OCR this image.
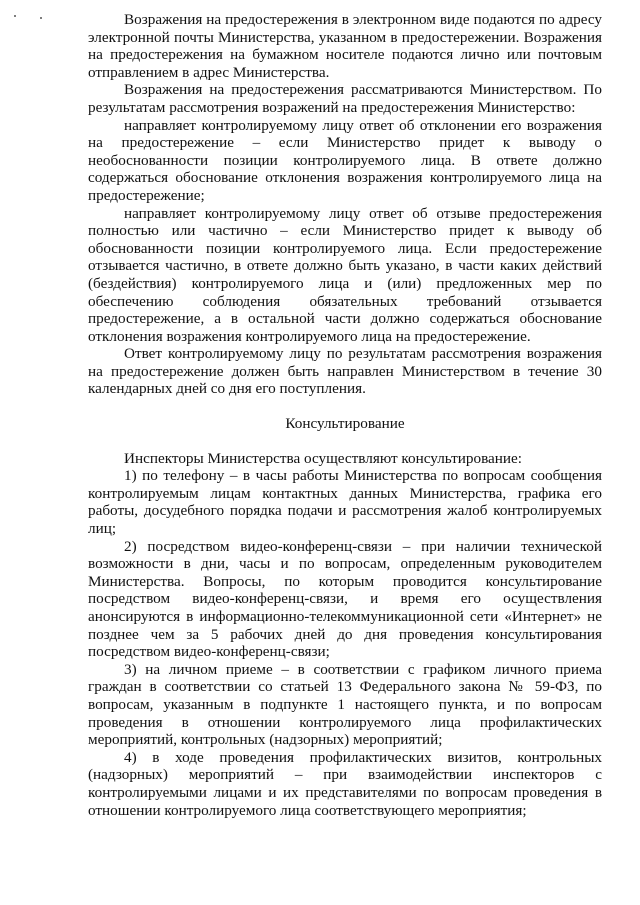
Возражения на предостережения в электронном виде подаются по адресу электронной почты Министерства, указанном в предостережении. Возражения на предостережения на бумажном носителе подаются лично или почтовым отправлением в адрес Министерства.

Возражения на предостережения рассматриваются Министерством. По результатам рассмотрения возражений на предостережения Министерство:

направляет контролируемому лицу ответ об отклонении его возражения на предостережение – если Министерство придет к выводу о необоснованности позиции контролируемого лица. В ответе должно содержаться обоснование отклонения возражения контролируемого лица на предостережение;

направляет контролируемому лицу ответ об отзыве предостережения полностью или частично – если Министерство придет к выводу об обоснованности позиции контролируемого лица. Если предостережение отзывается частично, в ответе должно быть указано, в части каких действий (бездействия) контролируемого лица и (или) предложенных мер по обеспечению соблюдения обязательных требований отзывается предостережение, а в остальной части должно содержаться обоснование отклонения возражения контролируемого лица на предостережение.

Ответ контролируемому лицу по результатам рассмотрения возражения на предостережение должен быть направлен Министерством в течение 30 календарных дней со дня его поступления.

Консультирование

Инспекторы Министерства осуществляют консультирование:

1) по телефону – в часы работы Министерства по вопросам сообщения контролируемым лицам контактных данных Министерства, графика его работы, досудебного порядка подачи и рассмотрения жалоб контролируемых лиц;

2) посредством видео-конференц-связи – при наличии технической возможности в дни, часы и по вопросам, определенным руководителем Министерства. Вопросы, по которым проводится консультирование посредством видео-конференц-связи, и время его осуществления анонсируются в информационно-телекоммуникационной сети «Интернет» не позднее чем за 5 рабочих дней до дня проведения консультирования посредством видео-конференц-связи;

3) на личном приеме – в соответствии с графиком личного приема граждан в соответствии со статьей 13 Федерального закона № 59-ФЗ, по вопросам, указанным в подпункте 1 настоящего пункта, и по вопросам проведения в отношении контролируемого лица профилактических мероприятий, контрольных (надзорных) мероприятий;

4) в ходе проведения профилактических визитов, контрольных (надзорных) мероприятий – при взаимодействии инспекторов с контролируемыми лицами и их представителями по вопросам проведения в отношении контролируемого лица соответствующего мероприятия;
